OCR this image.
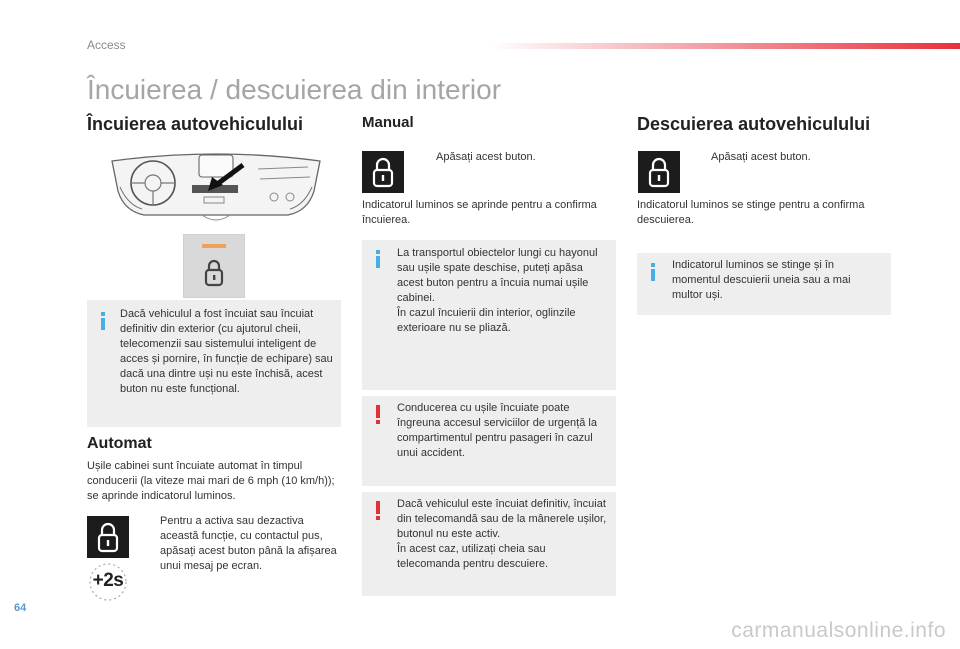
Access
Încuierea / descuierea din interior
Încuierea autovehiculului
Dacă vehiculul a fost încuiat sau încuiat definitiv din exterior (cu ajutorul cheii, telecomenzii sau sistemului inteligent de acces și pornire, în funcție de echipare) sau dacă una dintre uși nu este închisă, acest buton nu este funcțional.
Automat
Ușile cabinei sunt încuiate automat în timpul conducerii (la viteze mai mari de 6 mph (10 km/h)); se aprinde indicatorul luminos.
Pentru a activa sau dezactiva această funcție, cu contactul pus, apăsați acest buton până la afișarea unui mesaj pe ecran.
+2s
Manual
Apăsați acest buton.
Indicatorul luminos se aprinde pentru a confirma încuierea.
La transportul obiectelor lungi cu hayonul sau ușile spate deschise, puteți apăsa acest buton pentru a încuia numai ușile cabinei.
În cazul încuierii din interior, oglinzile exterioare nu se pliază.
Conducerea cu ușile încuiate poate îngreuna accesul serviciilor de urgență la compartimentul pentru pasageri în cazul unui accident.
Dacă vehiculul este încuiat definitiv, încuiat din telecomandă sau de la mânerele ușilor, butonul nu este activ.
În acest caz, utilizați cheia sau telecomanda pentru descuiere.
Descuierea autovehiculului
Apăsați acest buton.
Indicatorul luminos se stinge pentru a confirma descuierea.
Indicatorul luminos se stinge și în momentul descuierii uneia sau a mai multor uși.
64
carmanualsonline.info
